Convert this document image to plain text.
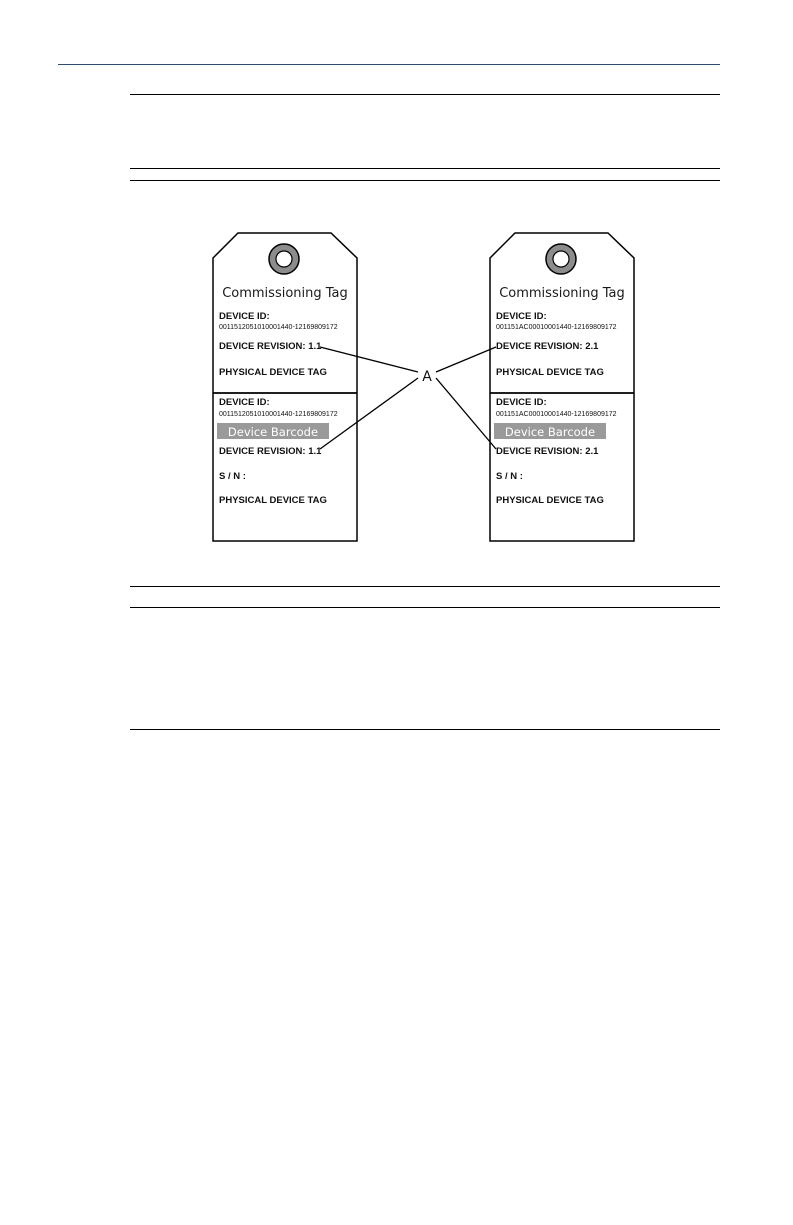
Commissioning Tag
DEVICE ID:
0011512051010001440-12169809172
DEVICE REVISION: 1.1
PHYSICAL DEVICE TAG
DEVICE ID:
0011512051010001440-12169809172
Device Barcode
DEVICE REVISION: 1.1
S / N :
PHYSICAL DEVICE TAG
Commissioning Tag
DEVICE ID:
001151AC00010001440-12169809172
DEVICE REVISION: 2.1
PHYSICAL DEVICE TAG
DEVICE ID:
001151AC00010001440-12169809172
Device Barcode
DEVICE REVISION: 2.1
S / N :
PHYSICAL DEVICE TAG
A
